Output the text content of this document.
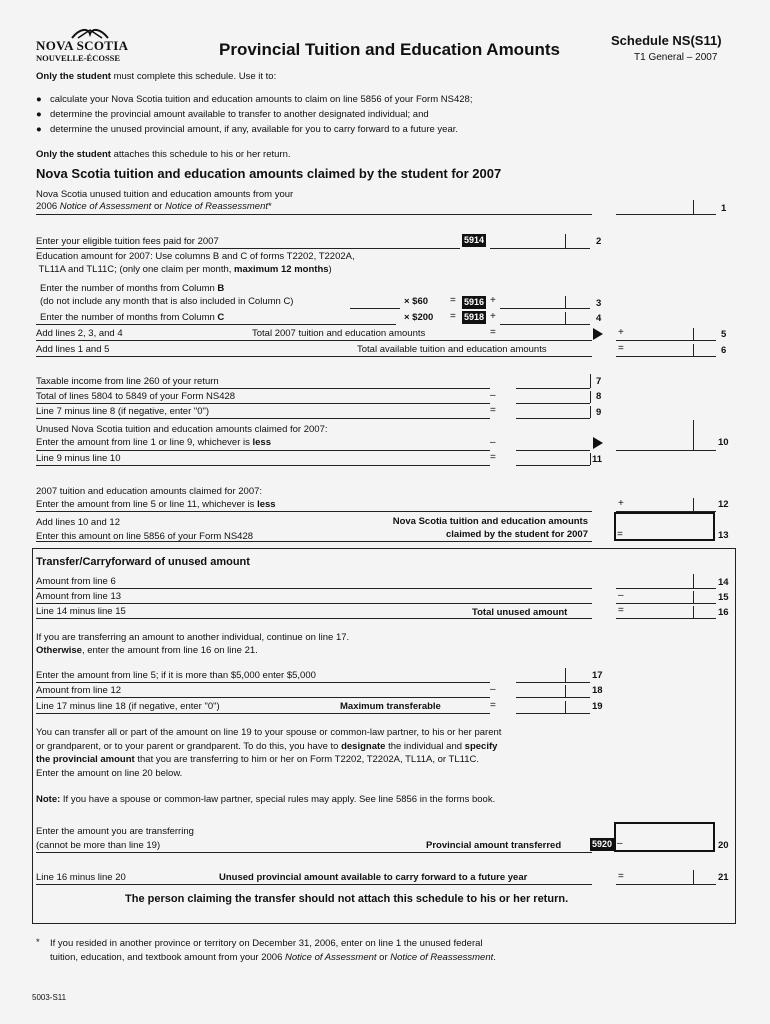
NOVA SCOTIA
NOUVELLE-ÉCOSSE	Provincial Tuition and Education Amounts	Schedule NS(S11)
T1 General – 2007
Only the student must complete this schedule. Use it to:
● calculate your Nova Scotia tuition and education amounts to claim on line 5856 of your Form NS428;
● determine the provincial amount available to transfer to another designated individual; and
● determine the unused provincial amount, if any, available for you to carry forward to a future year.
Only the student attaches this schedule to his or her return.
Nova Scotia tuition and education amounts claimed by the student for 2007
Nova Scotia unused tuition and education amounts from your
2006 Notice of Assessment or Notice of Reassessment*	1
Enter your eligible tuition fees paid for 2007	5914	2
Education amount for 2007: Use columns B and C of forms T2202, T2202A,
TL11A and TL11C; (only one claim per month, maximum 12 months)
Enter the number of months from Column B
(do not include any month that is also included in Column C)	× $60 = 5916 +	3
Enter the number of months from Column C	× $200 = 5918 +	4
Add lines 2, 3, and 4	Total 2007 tuition and education amounts	=	+	5
Add lines 1 and 5	Total available tuition and education amounts	=	6
Taxable income from line 260 of your return	7
Total of lines 5804 to 5849 of your Form NS428	–	8
Line 7 minus line 8 (if negative, enter "0")	=	9
Unused Nova Scotia tuition and education amounts claimed for 2007:
Enter the amount from line 1 or line 9, whichever is less	–	10
Line 9 minus line 10	=	11
2007 tuition and education amounts claimed for 2007:
Enter the amount from line 5 or line 11, whichever is less	+	12
Add lines 10 and 12
Enter this amount on line 5856 of your Form NS428
Nova Scotia tuition and education amounts
claimed by the student for 2007	=	13
Transfer/Carryforward of unused amount
Amount from line 6	14
Amount from line 13	–	15
Line 14 minus line 15	Total unused amount	=	16
If you are transferring an amount to another individual, continue on line 17.
Otherwise, enter the amount from line 16 on line 21.
Enter the amount from line 5; if it is more than $5,000 enter $5,000	17
Amount from line 12	–	18
Line 17 minus line 18 (if negative, enter "0")	Maximum transferable	=	19
You can transfer all or part of the amount on line 19 to your spouse or common-law partner, to his or her parent
or grandparent, or to your parent or grandparent. To do this, you have to designate the individual and specify
the provincial amount that you are transferring to him or her on Form T2202, T2202A, TL11A, or TL11C.
Enter the amount on line 20 below.
Note: If you have a spouse or common-law partner, special rules may apply. See line 5856 in the forms book.
Enter the amount you are transferring
(cannot be more than line 19)	Provincial amount transferred	5920 –	20
Line 16 minus line 20	Unused provincial amount available to carry forward to a future year	=	21
The person claiming the transfer should not attach this schedule to his or her return.
* If you resided in another province or territory on December 31, 2006, enter on line 1 the unused federal
tuition, education, and textbook amount from your 2006 Notice of Assessment or Notice of Reassessment.
5003-S11
